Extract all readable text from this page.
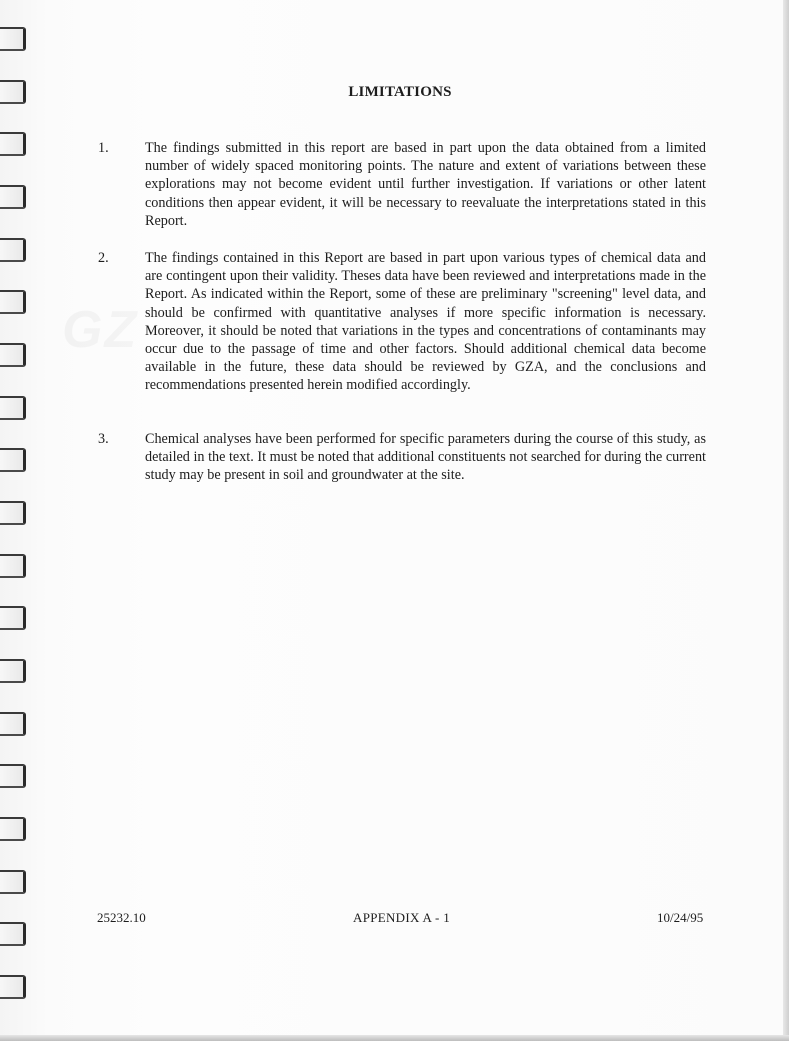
LIMITATIONS
1.	The findings submitted in this report are based in part upon the data obtained from a limited number of widely spaced monitoring points. The nature and extent of variations between these explorations may not become evident until further investigation. If variations or other latent conditions then appear evident, it will be necessary to reevaluate the interpretations stated in this Report.
2.	The findings contained in this Report are based in part upon various types of chemical data and are contingent upon their validity. Theses data have been reviewed and interpretations made in the Report. As indicated within the Report, some of these are preliminary "screening" level data, and should be confirmed with quantitative analyses if more specific information is necessary. Moreover, it should be noted that variations in the types and concentrations of contaminants may occur due to the passage of time and other factors. Should additional chemical data become available in the future, these data should be reviewed by GZA, and the conclusions and recommendations presented herein modified accordingly.
3.	Chemical analyses have been performed for specific parameters during the course of this study, as detailed in the text. It must be noted that additional constituents not searched for during the current study may be present in soil and groundwater at the site.
25232.10	APPENDIX A - 1	10/24/95
